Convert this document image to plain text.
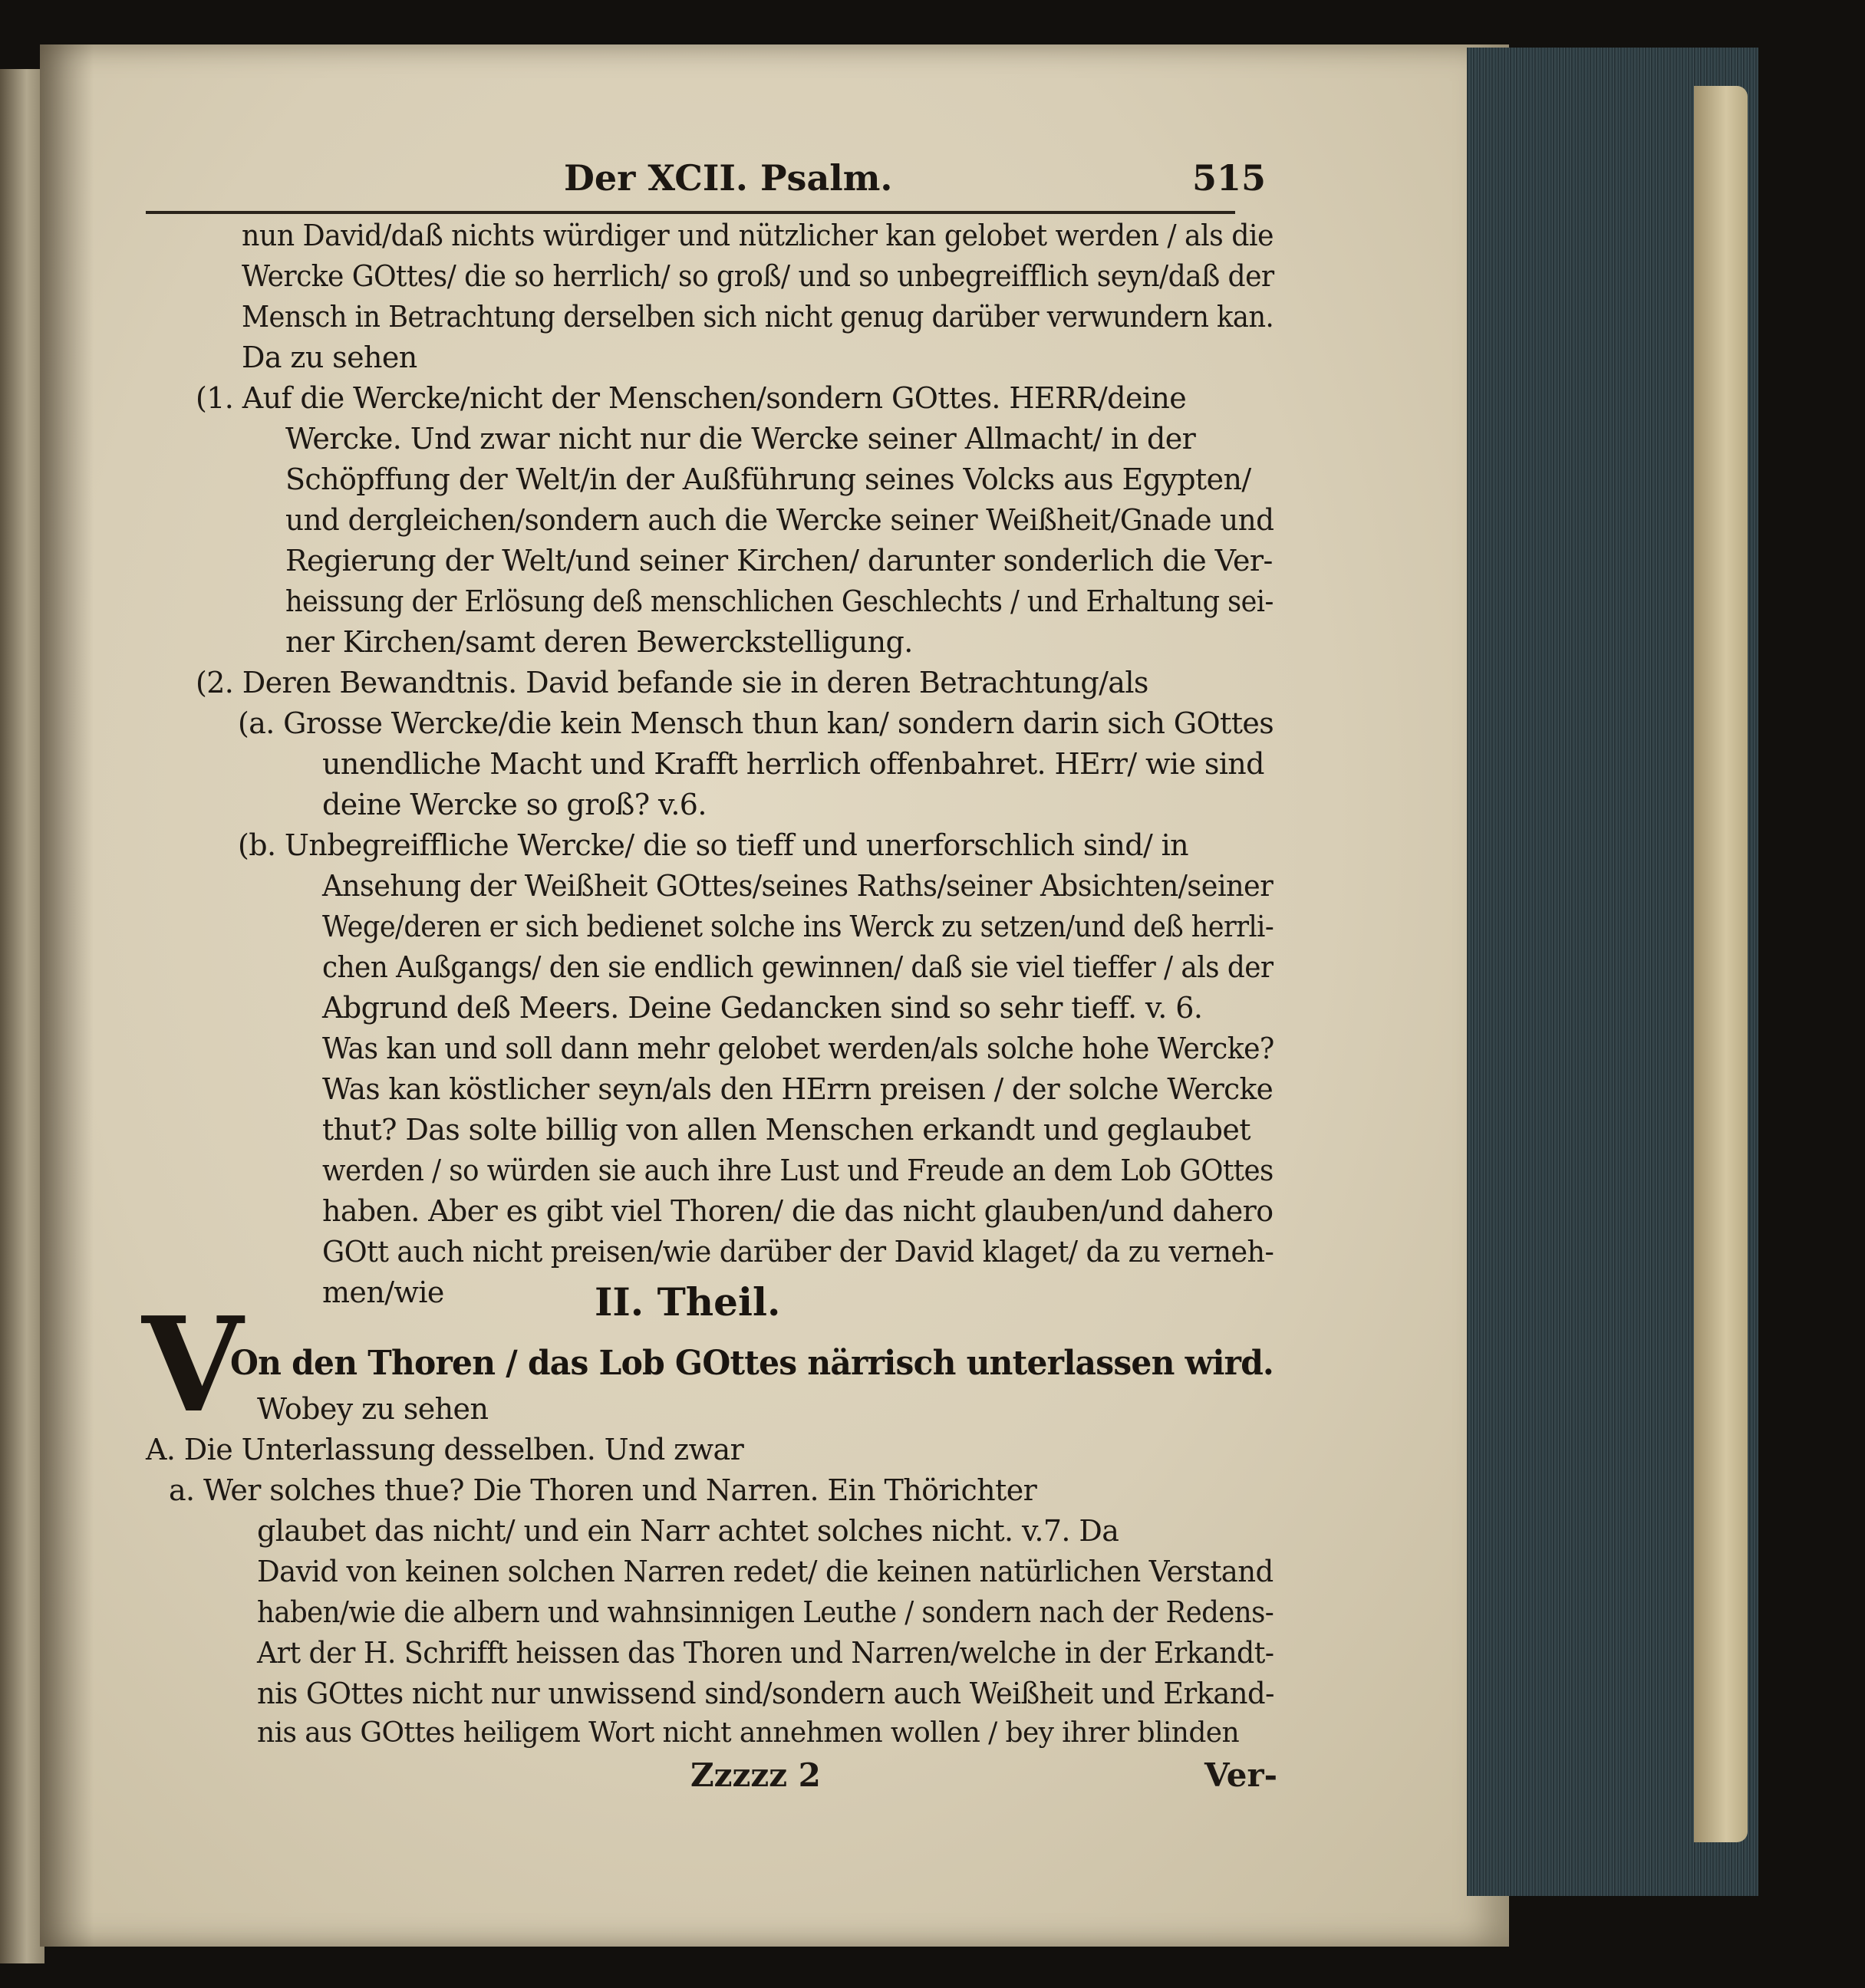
Der XCII. Psalm.	515
nun David/daß nichts würdiger und nützlicher kan gelobet werden / als die
Wercke GOttes/ die so herrlich/ so groß/ und so unbegreifflich seyn/daß der
Mensch in Betrachtung derselben sich nicht genug darüber verwundern kan.
Da zu sehen
(1. Auf die Wercke/nicht der Menschen/sondern GOttes. HERR/deine
Wercke. Und zwar nicht nur die Wercke seiner Allmacht/ in der
Schöpffung der Welt/in der Außführung seines Volcks aus Egypten/
und dergleichen/sondern auch die Wercke seiner Weißheit/Gnade und
Regierung der Welt/und seiner Kirchen/ darunter sonderlich die Ver-
heissung der Erlösung deß menschlichen Geschlechts / und Erhaltung sei-
ner Kirchen/samt deren Bewerckstelligung.
(2. Deren Bewandtnis. David befande sie in deren Betrachtung/als
(a. Grosse Wercke/die kein Mensch thun kan/ sondern darin sich GOttes
unendliche Macht und Krafft herrlich offenbahret. HErr/ wie sind
deine Wercke so groß? v.6.
(b. Unbegreiffliche Wercke/ die so tieff und unerforschlich sind/ in
Ansehung der Weißheit GOttes/seines Raths/seiner Absichten/seiner
Wege/deren er sich bedienet solche ins Werck zu setzen/und deß herrli-
chen Außgangs/ den sie endlich gewinnen/ daß sie viel tieffer / als der
Abgrund deß Meers. Deine Gedancken sind so sehr tieff. v. 6.
Was kan und soll dann mehr gelobet werden/als solche hohe Wercke?
Was kan köstlicher seyn/als den HErrn preisen / der solche Wercke
thut? Das solte billig von allen Menschen erkandt und geglaubet
werden / so würden sie auch ihre Lust und Freude an dem Lob GOttes
haben. Aber es gibt viel Thoren/ die das nicht glauben/und dahero
GOtt auch nicht preisen/wie darüber der David klaget/ da zu verneh-
men/wie	II. Theil.
V
On den Thoren / das Lob GOttes närrisch unterlassen wird.
Wobey zu sehen
A. Die Unterlassung desselben. Und zwar
a. Wer solches thue? Die Thoren und Narren. Ein Thörichter
glaubet das nicht/ und ein Narr achtet solches nicht. v.7. Da
David von keinen solchen Narren redet/ die keinen natürlichen Verstand
haben/wie die albern und wahnsinnigen Leuthe / sondern nach der Redens-
Art der H. Schrifft heissen das Thoren und Narren/welche in der Erkandt-
nis GOttes nicht nur unwissend sind/sondern auch Weißheit und Erkand-
nis aus GOttes heiligem Wort nicht annehmen wollen / bey ihrer blinden
Zzzzz 2	Ver-
